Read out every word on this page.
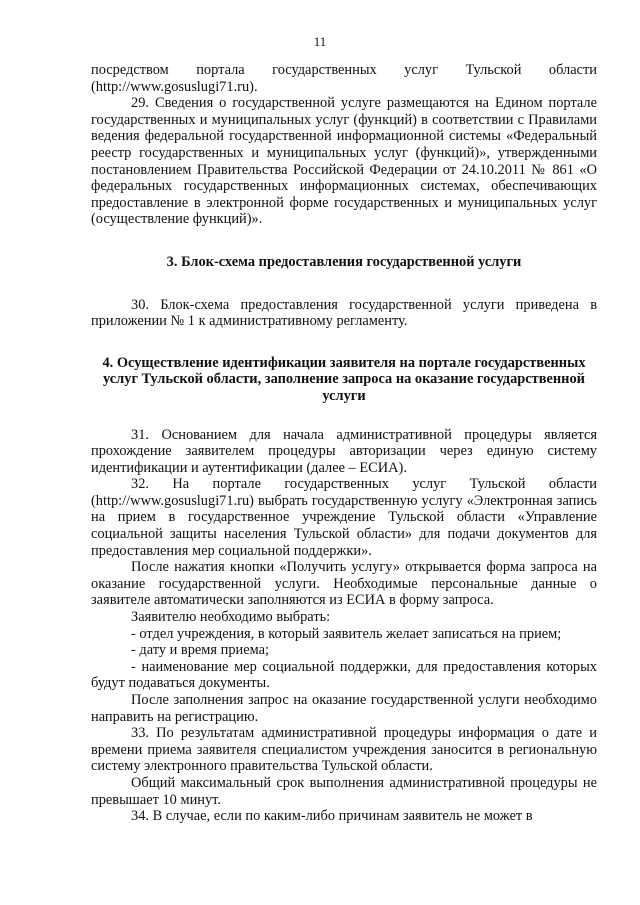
11

посредством портала государственных услуг Тульской области (http://www.gosuslugi71.ru).

29. Сведения о государственной услуге размещаются на Едином портале государственных и муниципальных услуг (функций) в соответствии с Правилами ведения федеральной государственной информационной системы «Федеральный реестр государственных и муниципальных услуг (функций)», утвержденными постановлением Правительства Российской Федерации от 24.10.2011 № 861 «О федеральных государственных информационных системах, обеспечивающих предоставление в электронной форме государственных и муниципальных услуг (осуществление функций)».

3. Блок-схема предоставления государственной услуги

30. Блок-схема предоставления государственной услуги приведена в приложении № 1 к административному регламенту.

4. Осуществление идентификации заявителя на портале государственных услуг Тульской области, заполнение запроса на оказание государственной услуги

31. Основанием для начала административной процедуры является прохождение заявителем процедуры авторизации через единую систему идентификации и аутентификации (далее – ЕСИА).

32. На портале государственных услуг Тульской области (http://www.gosuslugi71.ru) выбрать государственную услугу «Электронная запись на прием в государственное учреждение Тульской области «Управление социальной защиты населения Тульской области» для подачи документов для предоставления мер социальной поддержки».

После нажатия кнопки «Получить услугу» открывается форма запроса на оказание государственной услуги. Необходимые персональные данные о заявителе автоматически заполняются из ЕСИА в форму запроса.

Заявителю необходимо выбрать:

- отдел учреждения, в который заявитель желает записаться на прием;

- дату и время приема;

- наименование мер социальной поддержки, для предоставления которых будут подаваться документы.

После заполнения запрос на оказание государственной услуги необходимо направить на регистрацию.

33. По результатам административной процедуры информация о дате и времени приема заявителя специалистом учреждения заносится в региональную систему электронного правительства Тульской области.

Общий максимальный срок выполнения административной процедуры не превышает 10 минут.

34. В случае, если по каким-либо причинам заявитель не может в
